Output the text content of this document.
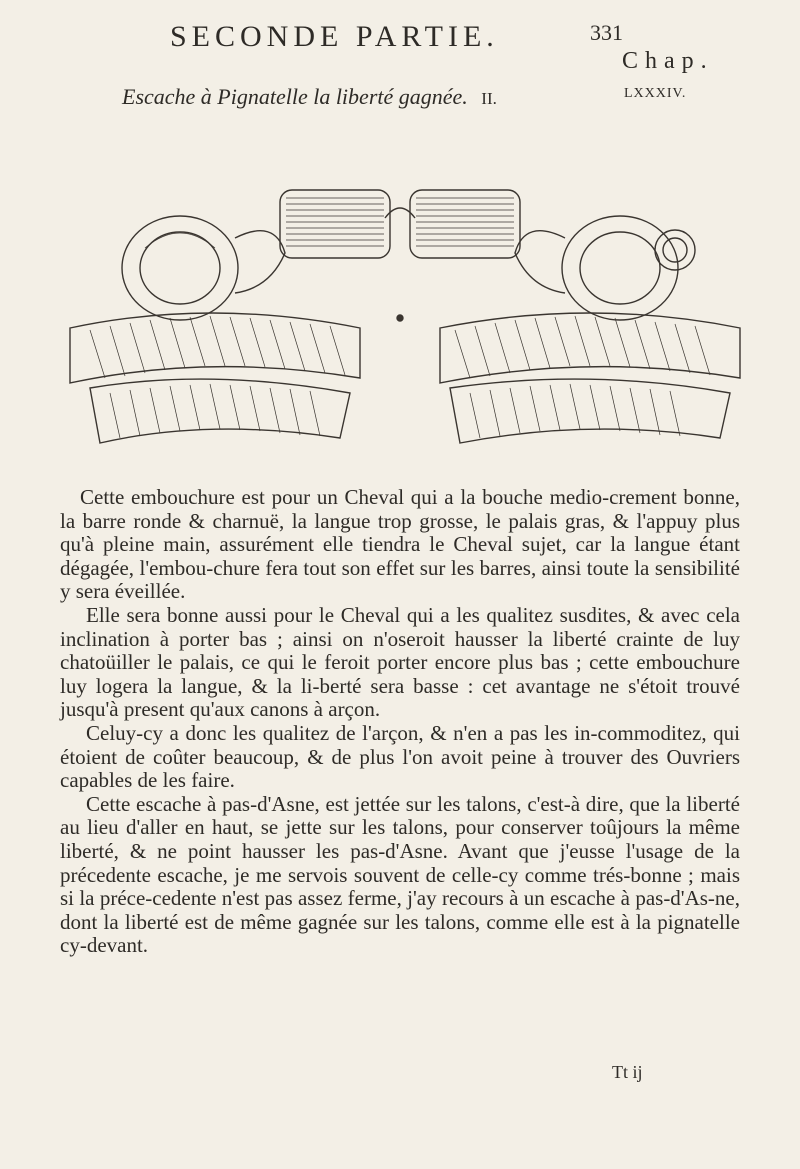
SECONDE PARTIE.	331
Chap.
LXXXIV.
Escache à Pignatelle la liberté gagnée. II.

Cette embouchure est pour un Cheval qui a la bouche medio-crement bonne, la barre ronde & charnuë, la langue trop grosse, le palais gras, & l'appuy plus qu'à pleine main, assurément elle tiendra le Cheval sujet, car la langue étant dégagée, l'embou-chure fera tout son effet sur les barres, ainsi toute la sensibilité y sera éveillée.

Elle sera bonne aussi pour le Cheval qui a les qualitez susdites, & avec cela inclination à porter bas ; ainsi on n'oseroit hausser la liberté crainte de luy chatoüiller le palais, ce qui le feroit porter encore plus bas ; cette embouchure luy logera la langue, & la li-berté sera basse : cet avantage ne s'étoit trouvé jusqu'à present qu'aux canons à arçon.

Celuy-cy a donc les qualitez de l'arçon, & n'en a pas les in-commoditez, qui étoient de coûter beaucoup, & de plus l'on avoit peine à trouver des Ouvriers capables de les faire.

Cette escache à pas-d'Asne, est jettée sur les talons, c'est-à dire, que la liberté au lieu d'aller en haut, se jette sur les talons, pour conserver toûjours la même liberté, & ne point hausser les pas-d'Asne. Avant que j'eusse l'usage de la précedente escache, je me servois souvent de celle-cy comme trés-bonne ; mais si la préce-cedente n'est pas assez ferme, j'ay recours à un escache à pas-d'As-ne, dont la liberté est de même gagnée sur les talons, comme elle est à la pignatelle cy-devant.

Tt ij
